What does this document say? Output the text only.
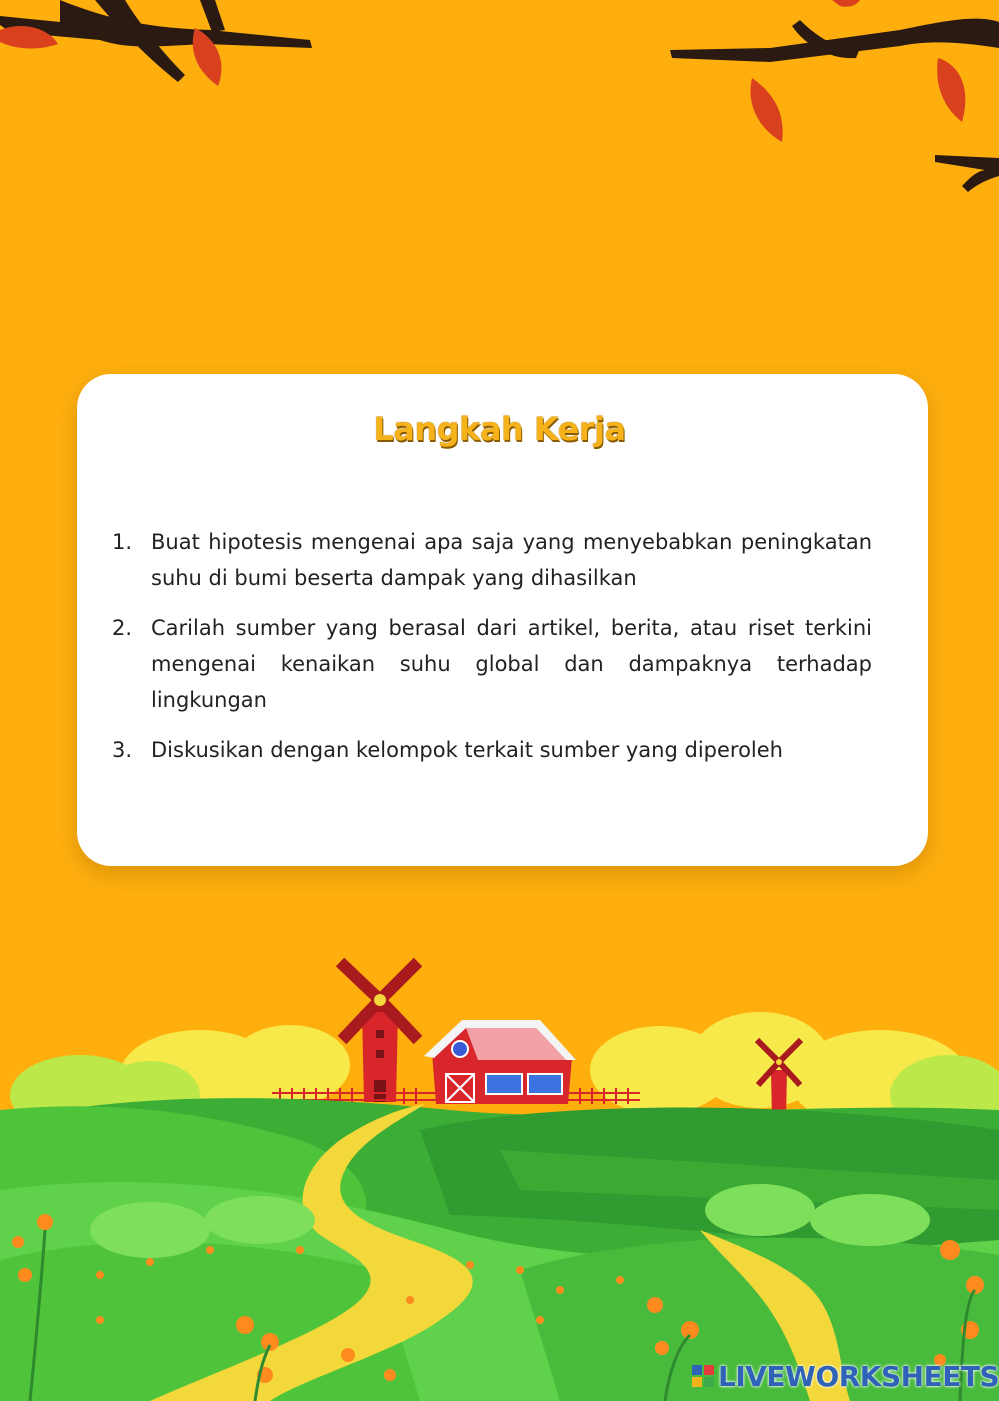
Langkah Kerja
1. Buat hipotesis mengenai apa saja yang menyebabkan peningkatan suhu di bumi beserta dampak yang dihasilkan
2. Carilah sumber yang berasal dari artikel, berita, atau riset terkini mengenai kenaikan suhu global dan dampaknya terhadap lingkungan
3. Diskusikan dengan kelompok terkait sumber yang diperoleh
LIVEWORKSHEETS
